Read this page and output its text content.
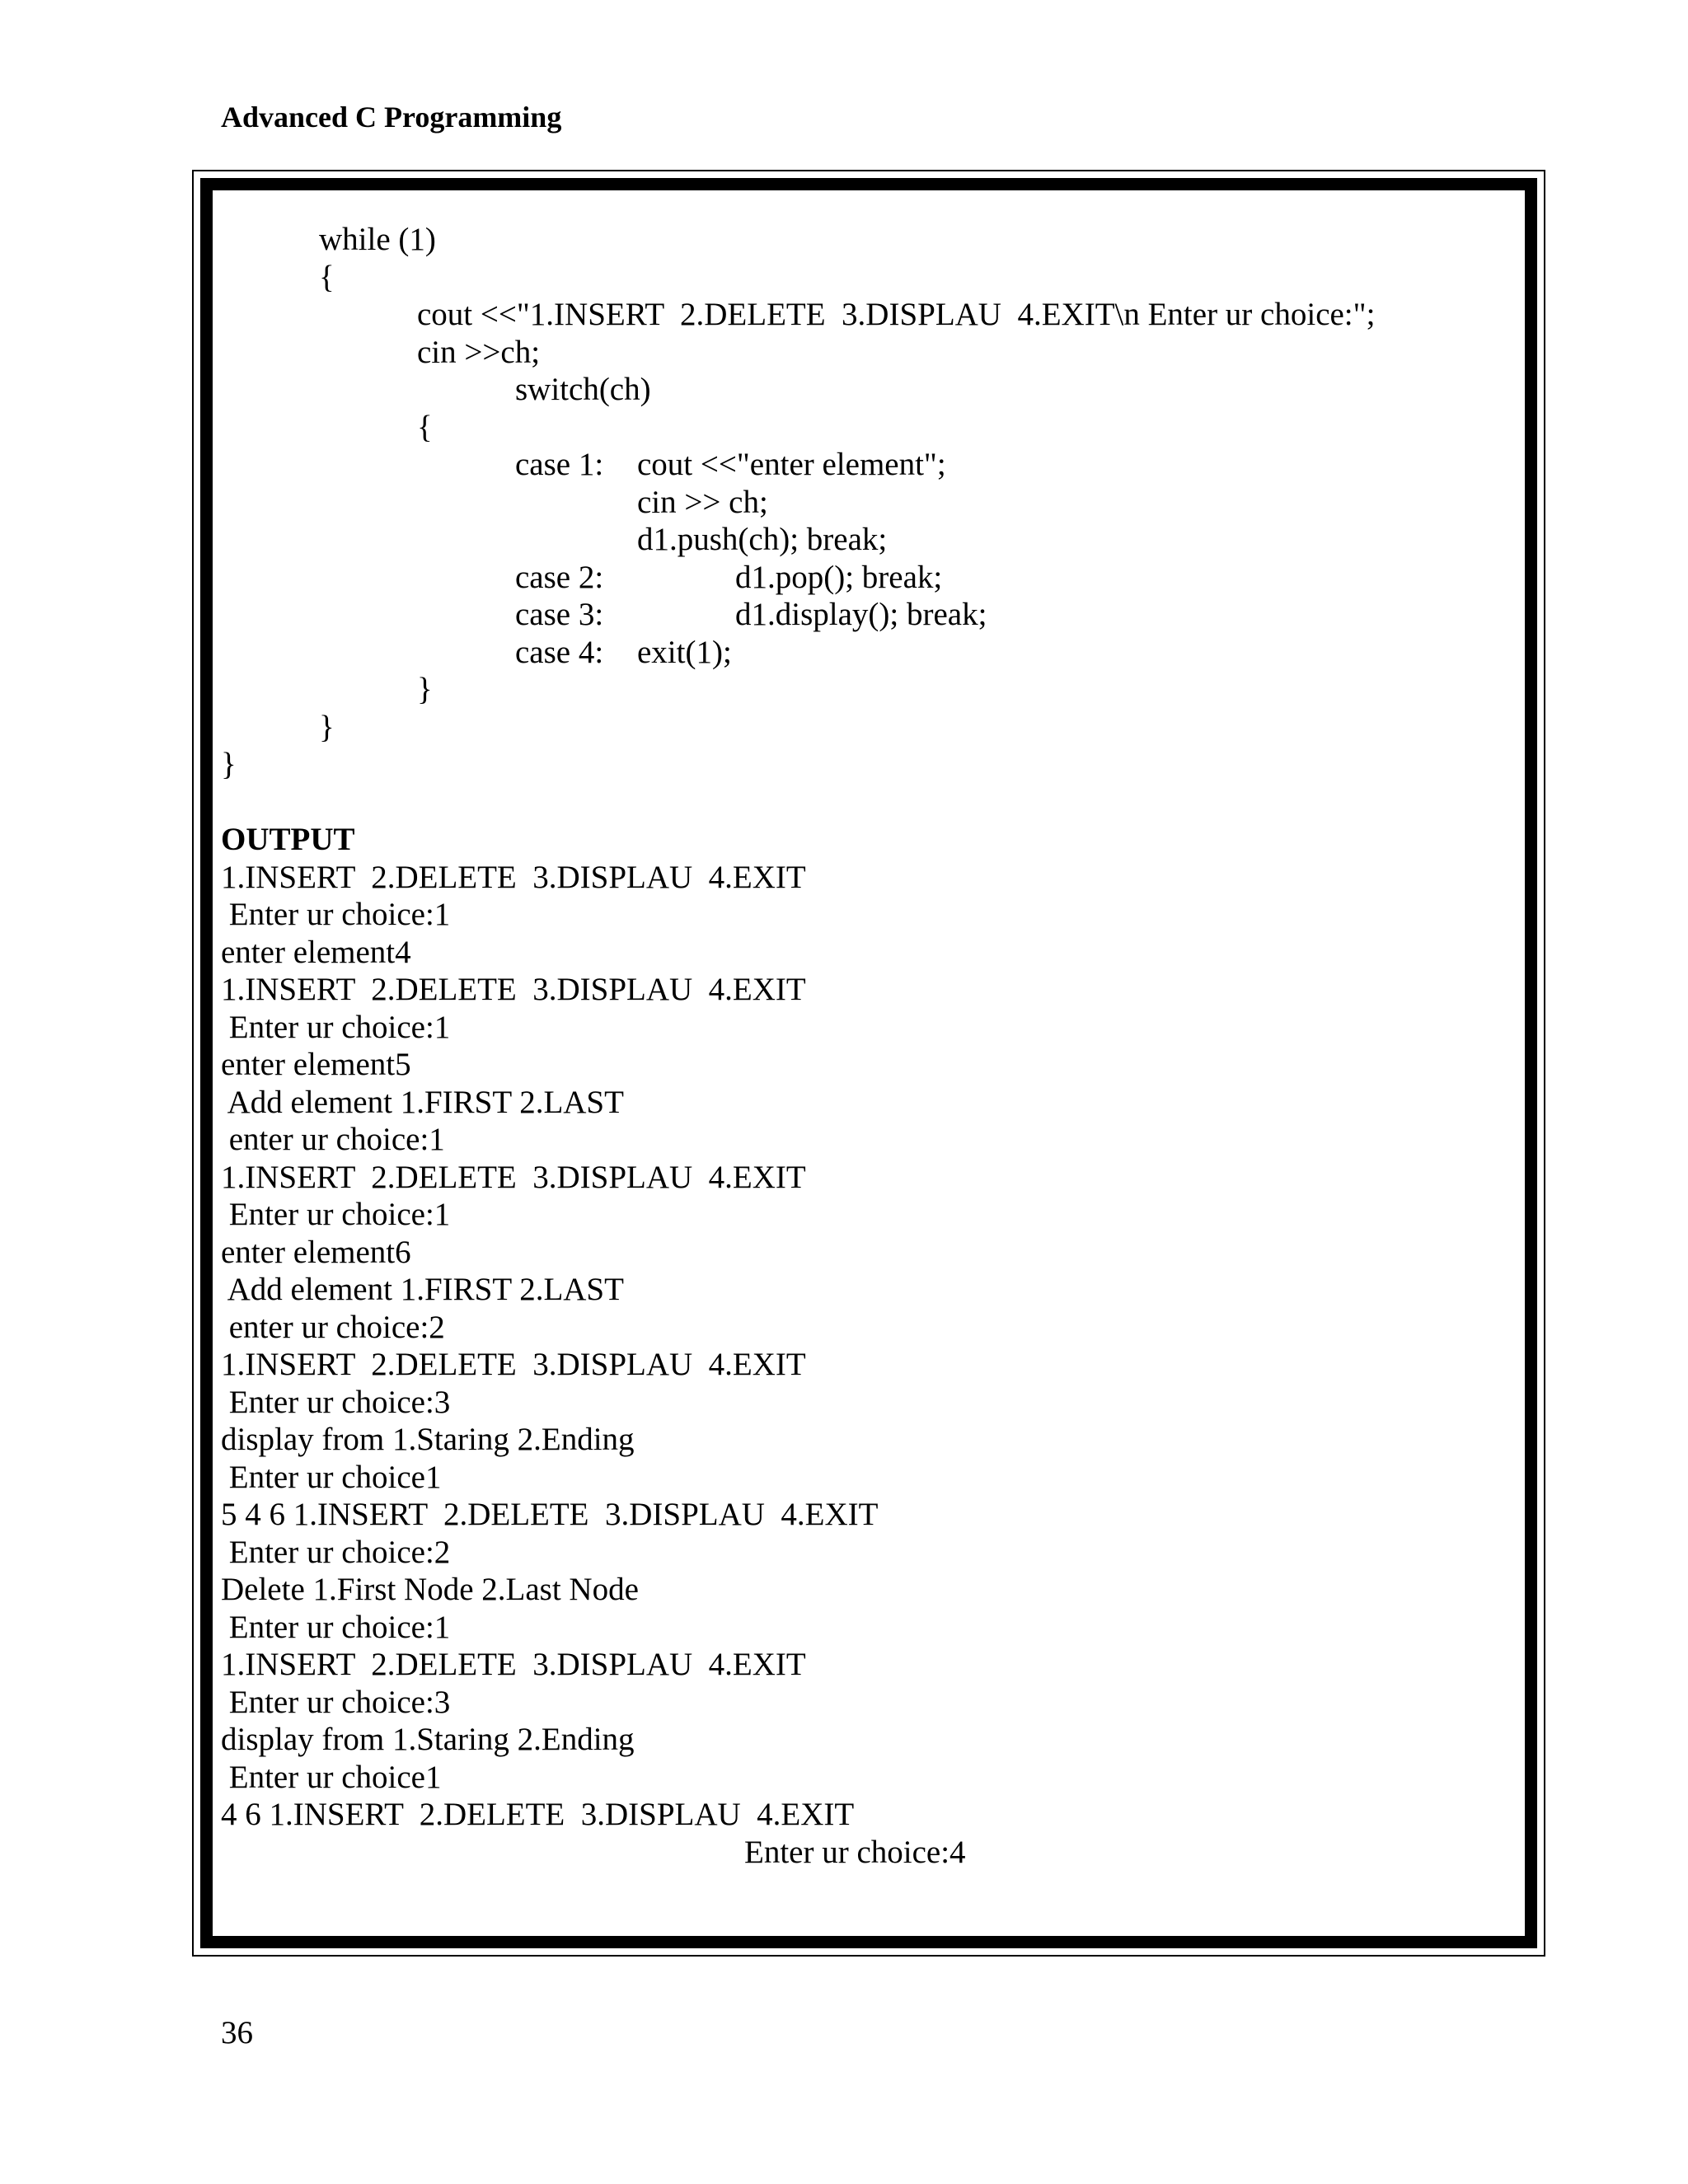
Advanced C Programming
while (1)
{
cout <<"1.INSERT  2.DELETE  3.DISPLAU  4.EXIT\n Enter ur choice:";
cin >>ch;
switch(ch)
{
case 1: cout <<"enter element";
cin >> ch;
d1.push(ch); break;
case 2:	d1.pop(); break;
case 3:	d1.display(); break;
case 4: exit(1);
}
}
}
OUTPUT
1.INSERT  2.DELETE  3.DISPLAU  4.EXIT
Enter ur choice:1
enter element4
1.INSERT  2.DELETE  3.DISPLAU  4.EXIT
Enter ur choice:1
enter element5
Add element 1.FIRST 2.LAST
enter ur choice:1
1.INSERT  2.DELETE  3.DISPLAU  4.EXIT
Enter ur choice:1
enter element6
Add element 1.FIRST 2.LAST
enter ur choice:2
1.INSERT  2.DELETE  3.DISPLAU  4.EXIT
Enter ur choice:3
display from 1.Staring 2.Ending
Enter ur choice1
5 4 6 1.INSERT  2.DELETE  3.DISPLAU  4.EXIT
Enter ur choice:2
Delete 1.First Node 2.Last Node
Enter ur choice:1
1.INSERT  2.DELETE  3.DISPLAU  4.EXIT
Enter ur choice:3
display from 1.Staring 2.Ending
Enter ur choice1
4 6 1.INSERT  2.DELETE  3.DISPLAU  4.EXIT
Enter ur choice:4
36
